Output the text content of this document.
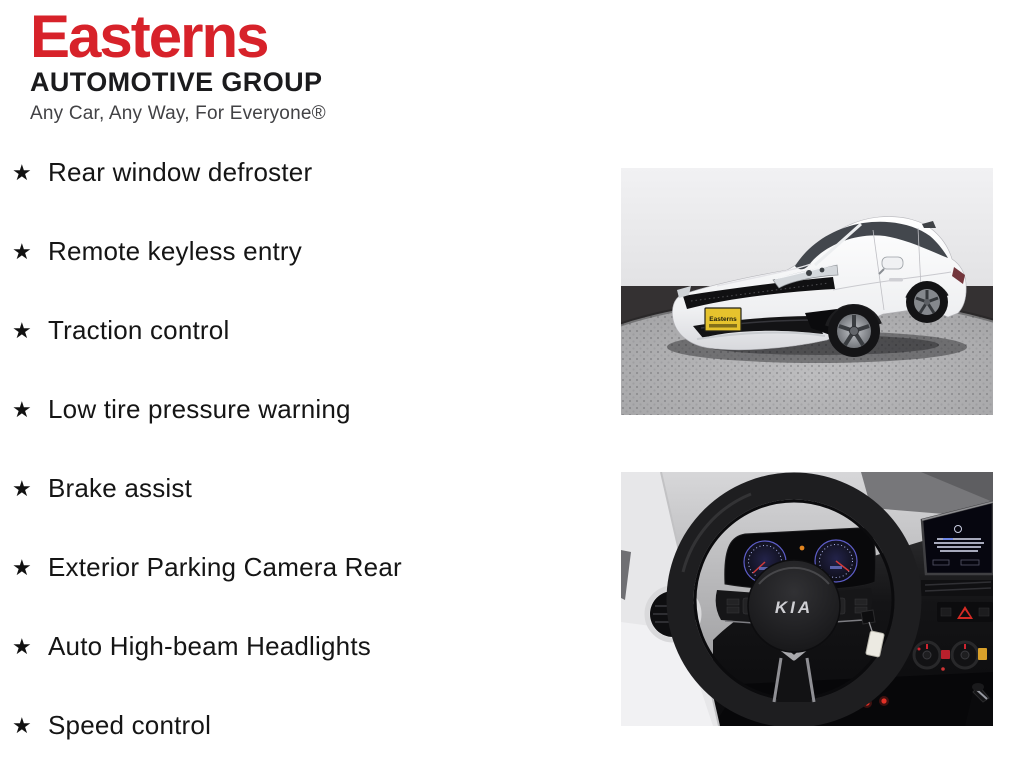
Easterns
AUTOMOTIVE GROUP
Any Car, Any Way, For Everyone®
★ Rear window defroster
★ Remote keyless entry
★ Traction control
★ Low tire pressure warning
★ Brake assist
★ Exterior Parking Camera Rear
★ Auto High-beam Headlights
★ Speed control
Easterns
KIA
